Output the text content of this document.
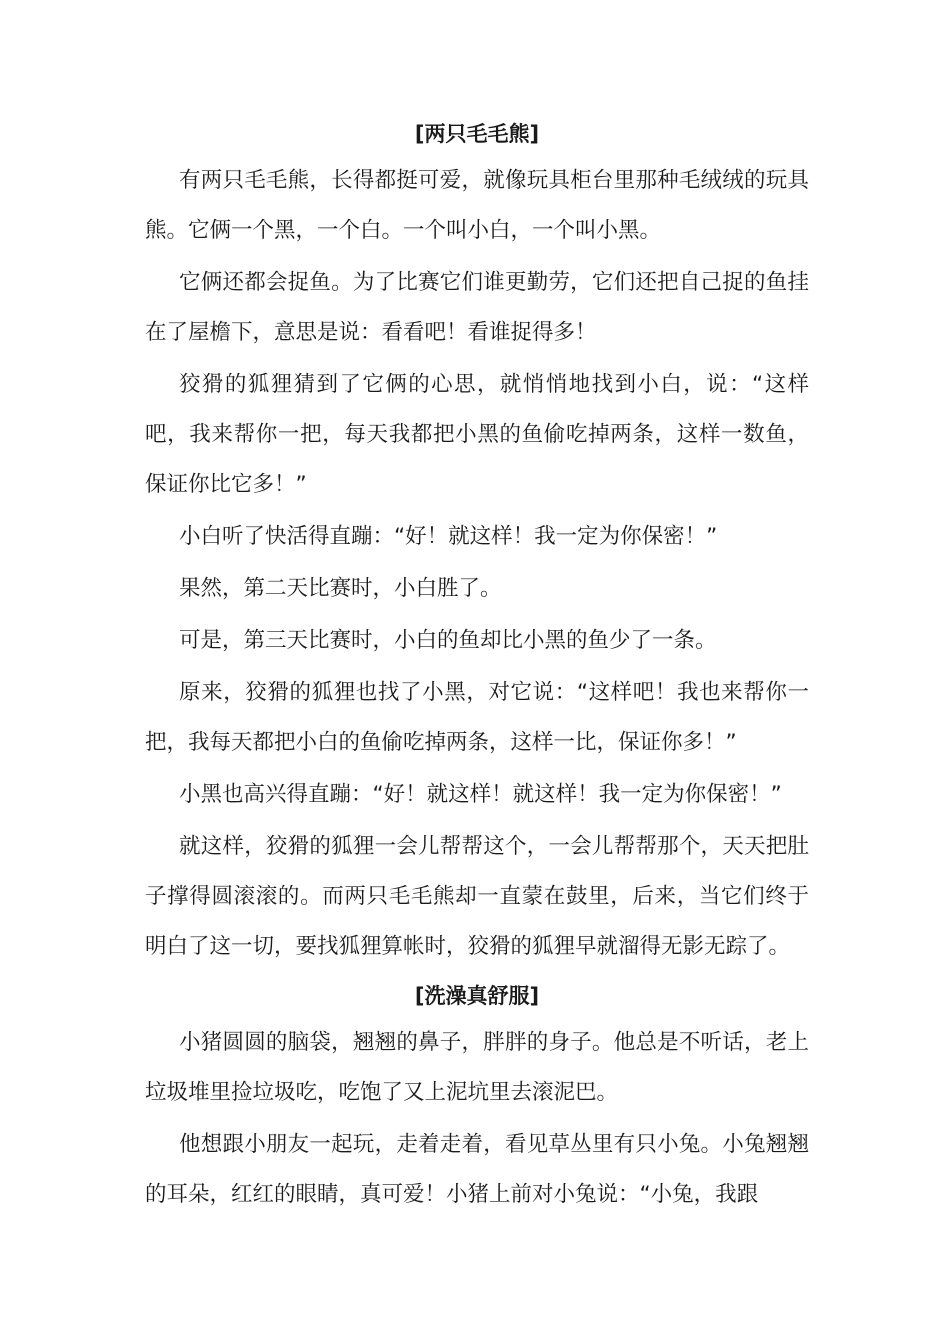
[两只毛毛熊]

有两只毛毛熊，长得都挺可爱，就像玩具柜台里那种毛绒绒的玩具熊。它俩一个黑，一个白。一个叫小白，一个叫小黑。

它俩还都会捉鱼。为了比赛它们谁更勤劳，它们还把自己捉的鱼挂在了屋檐下，意思是说：看看吧！看谁捉得多！

狡猾的狐狸猜到了它俩的心思，就悄悄地找到小白，说：“这样吧，我来帮你一把，每天我都把小黑的鱼偷吃掉两条，这样一数鱼，保证你比它多！”

小白听了快活得直蹦：“好！就这样！我一定为你保密！”

果然，第二天比赛时，小白胜了。

可是，第三天比赛时，小白的鱼却比小黑的鱼少了一条。

原来，狡猾的狐狸也找了小黑，对它说：“这样吧！我也来帮你一把，我每天都把小白的鱼偷吃掉两条，这样一比，保证你多！”

小黑也高兴得直蹦：“好！就这样！就这样！我一定为你保密！”

就这样，狡猾的狐狸一会儿帮帮这个，一会儿帮帮那个，天天把肚子撑得圆滚滚的。而两只毛毛熊却一直蒙在鼓里，后来，当它们终于明白了这一切，要找狐狸算帐时，狡猾的狐狸早就溜得无影无踪了。

[洗澡真舒服]

小猪圆圆的脑袋，翘翘的鼻子，胖胖的身子。他总是不听话，老上垃圾堆里捡垃圾吃，吃饱了又上泥坑里去滚泥巴。

他想跟小朋友一起玩，走着走着，看见草丛里有只小兔。小兔翘翘的耳朵，红红的眼睛，真可爱！小猪上前对小兔说：“小兔，我跟
